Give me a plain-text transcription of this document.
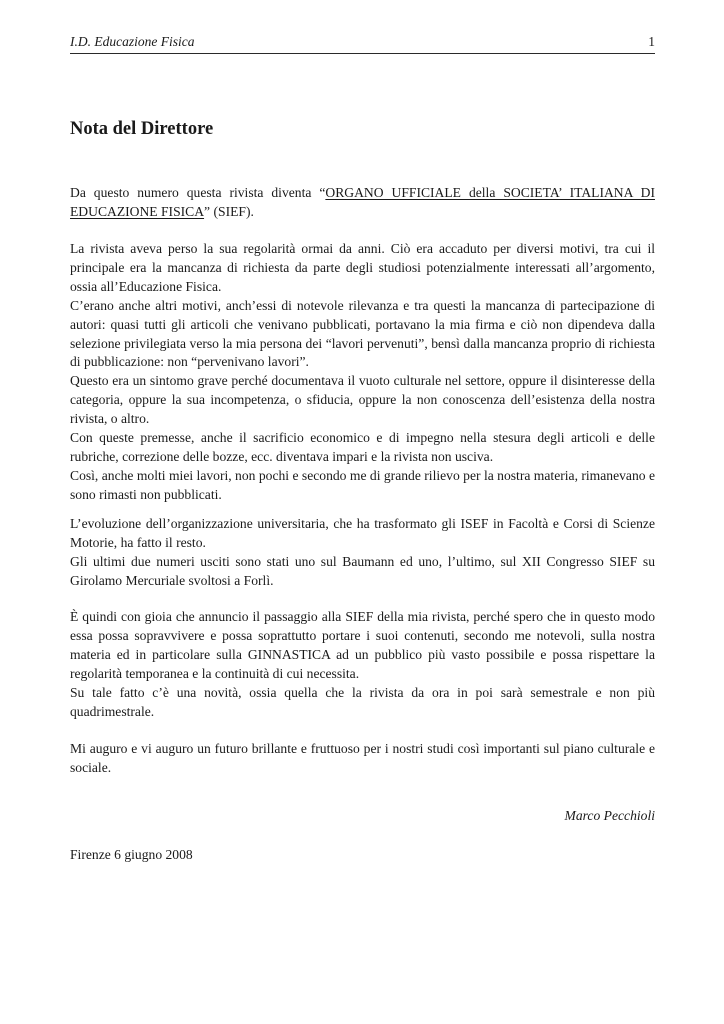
I.D. Educazione Fisica	1
Nota del Direttore

Da questo numero questa rivista diventa “ORGANO UFFICIALE della SOCIETA’ ITALIANA DI EDUCAZIONE FISICA” (SIEF).

La rivista aveva perso la sua regolarità ormai da anni. Ciò era accaduto per diversi motivi, tra cui il principale era la mancanza di richiesta da parte degli studiosi potenzialmente interessati all’argomento, ossia all’Educazione Fisica.

C’erano anche altri motivi, anch’essi di notevole rilevanza e tra questi la mancanza di partecipazione di autori: quasi tutti gli articoli che venivano pubblicati, portavano la mia firma e ciò non dipendeva dalla selezione privilegiata verso la mia persona dei “lavori pervenuti”, bensì dalla mancanza proprio di richiesta di pubblicazione: non “pervenivano lavori”.

Questo era un sintomo grave perché documentava il vuoto culturale nel settore, oppure il disinteresse della categoria, oppure la sua incompetenza, o sfiducia, oppure la non conoscenza dell’esistenza della nostra rivista, o altro.

Con queste premesse, anche il sacrificio economico e di impegno nella stesura degli articoli e delle rubriche, correzione delle bozze, ecc. diventava impari e la rivista non usciva.

Così, anche molti miei lavori, non pochi e secondo me di grande rilievo per la nostra materia, rimanevano e sono rimasti non pubblicati.

L’evoluzione dell’organizzazione universitaria, che ha trasformato gli ISEF in Facoltà e Corsi di Scienze Motorie, ha fatto il resto.

Gli ultimi due numeri usciti sono stati uno sul Baumann ed uno, l’ultimo, sul XII Congresso SIEF su Girolamo Mercuriale svoltosi a Forlì.

È quindi con gioia che annuncio il passaggio alla SIEF della mia rivista, perché spero che in questo modo essa possa sopravvivere e possa soprattutto portare i suoi contenuti, secondo me notevoli, sulla nostra materia ed in particolare sulla GINNASTICA ad un pubblico più vasto possibile e possa rispettare la regolarità temporanea e la continuità di cui necessita.

Su tale fatto c’è una novità, ossia quella che la rivista da ora in poi sarà semestrale e non più quadrimestrale.

Mi auguro e vi auguro un futuro brillante e fruttuoso per i nostri studi così importanti sul piano culturale e sociale.

Marco Pecchioli
Firenze 6 giugno 2008
